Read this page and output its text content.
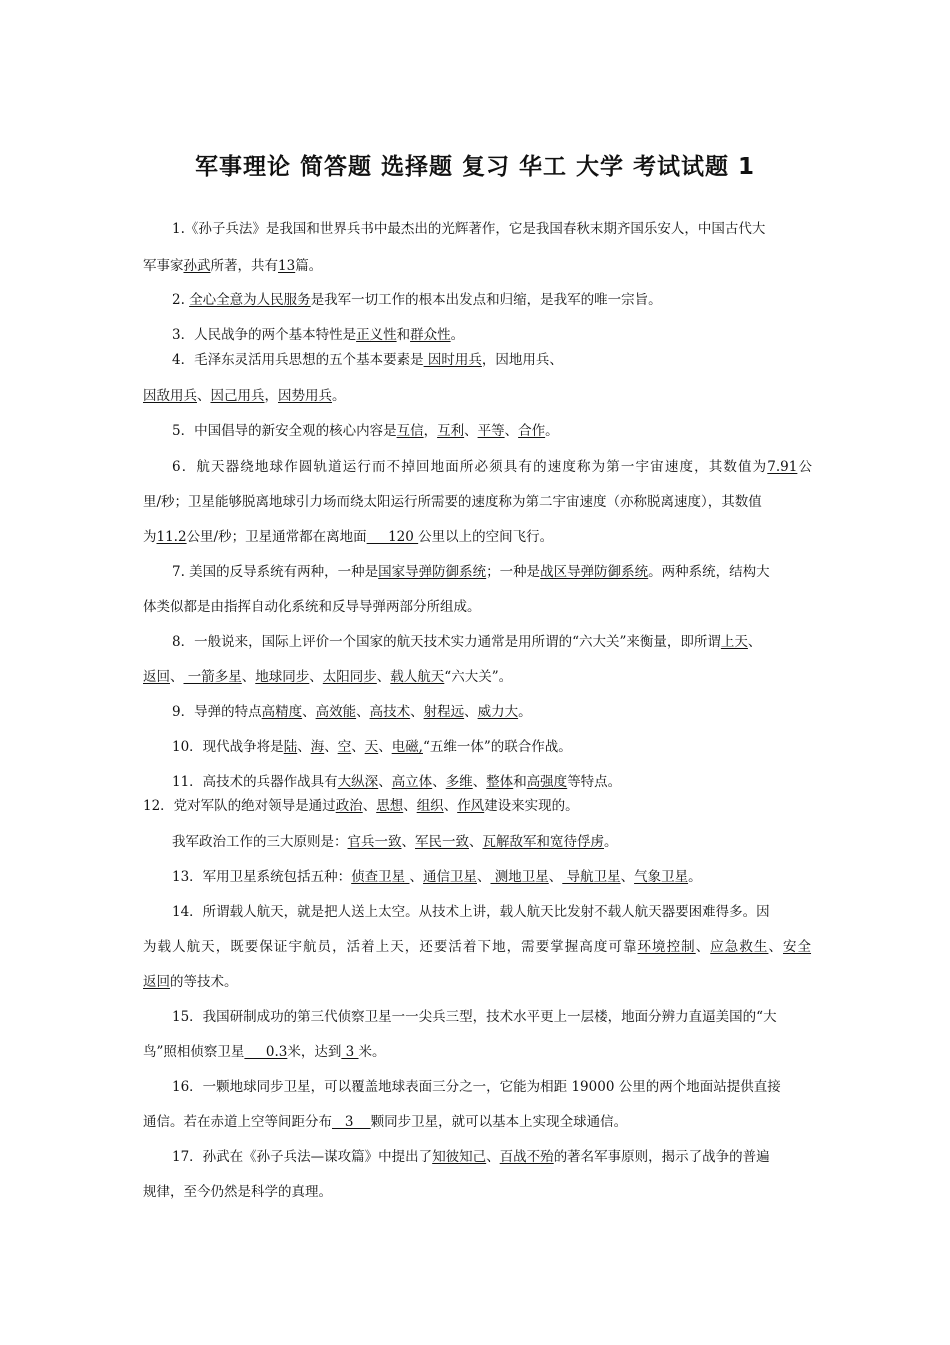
军事理论 简答题 选择题 复习 华工 大学 考试试题 1
1.《孙子兵法》是我国和世界兵书中最杰出的光辉著作，它是我国春秋末期齐国乐安人，中国古代大
军事家孙武所著，共有13篇。
2. 全心全意为人民服务是我军一切工作的根本出发点和归缩，是我军的唯一宗旨。
3．人民战争的两个基本特性是正义性和群众性。
4．毛泽东灵活用兵思想的五个基本要素是 因时用兵，因地用兵、
因敌用兵、因己用兵，因势用兵。
5．中国倡导的新安全观的核心内容是互信，互利、平等、合作。
6．航天器绕地球作圆轨道运行而不掉回地面所必须具有的速度称为第一宇宙速度，其数值为7.91公
里/秒；卫星能够脱离地球引力场而绕太阳运行所需要的速度称为第二宇宙速度（亦称脱离速度），其数值
为11.2公里/秒；卫星通常都在离地面     120 公里以上的空间飞行。
7. 美国的反导系统有两种，一种是国家导弹防御系统；一种是战区导弹防御系统。两种系统，结构大
体类似都是由指挥自动化系统和反导导弹两部分所组成。
8．一般说来，国际上评价一个国家的航天技术实力通常是用所谓的“六大关”来衡量，即所谓上天、
返回、 一箭多星、地球同步、太阳同步、载人航天“六大关”。
9．导弹的特点高精度、高效能、高技术、射程远、威力大。
10．现代战争将是陆、海、空、天、电磁,“五维一体”的联合作战。
11．高技术的兵器作战具有大纵深、高立体、多维、整体和高强度等特点。
12．党对军队的绝对领导是通过政治、思想、组织、作风建设来实现的。
我军政治工作的三大原则是：官兵一致、军民一致、瓦解敌军和宽待俘虏。
13．军用卫星系统包括五种：侦查卫星 、通信卫星、 测地卫星、 导航卫星、气象卫星。
14．所谓载人航天，就是把人送上太空。从技术上讲，载人航天比发射不载人航天器要困难得多。因
为载人航天，既要保证宇航员，活着上天，还要活着下地，需要掌握高度可靠环境控制、应急救生、安全
返回的等技术。
15．我国研制成功的第三代侦察卫星一一尖兵三型，技术水平更上一层楼，地面分辨力直逼美国的“大
鸟”照相侦察卫星     0.3米，达到 3 米。
16．一颗地球同步卫星，可以覆盖地球表面三分之一，它能为相距 19000 公里的两个地面站提供直接
通信。若在赤道上空等间距分布   3    颗同步卫星，就可以基本上实现全球通信。
17．孙武在《孙子兵法—谋攻篇》中提出了知彼知己、百战不殆的著名军事原则，揭示了战争的普遍
规律，至今仍然是科学的真理。
